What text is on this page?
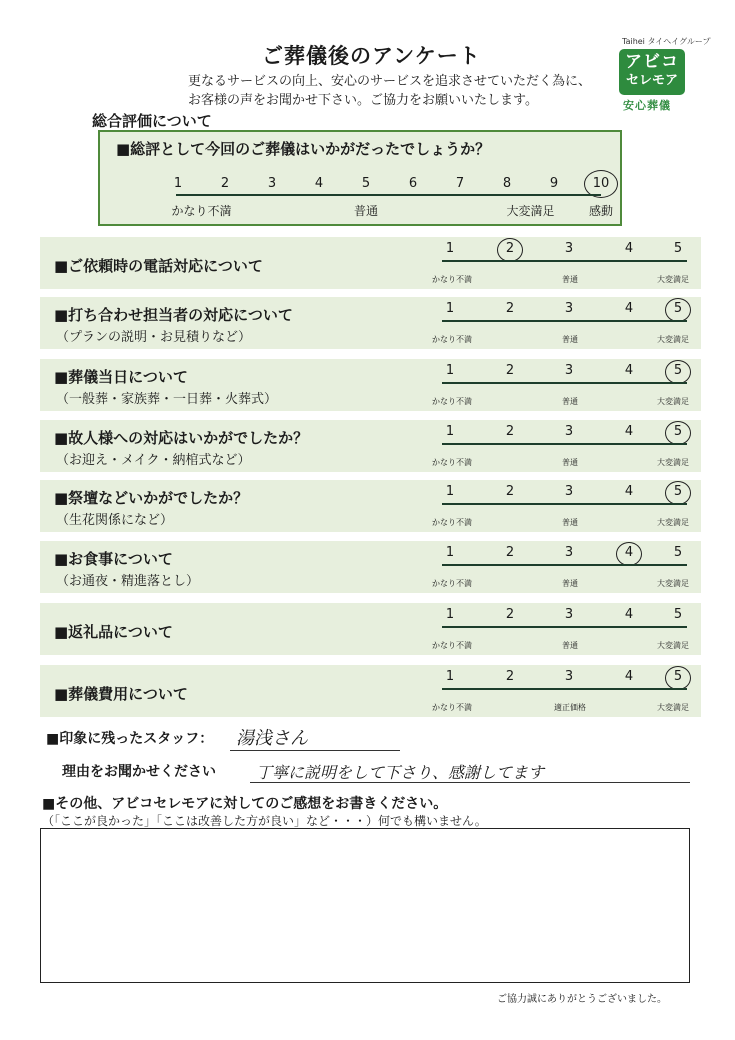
ご葬儀後のアンケート
更なるサービスの向上、安心のサービスを追求させていただく為に、
お客様の声をお聞かせ下さい。ご協力をお願いいたします。
Taihei タイヘイグループ
アビコ
セレモア
安心葬儀
総合評価について
■総評として今回のご葬儀はいかがだったでしょうか？
1	2	3	4	5	6	7	8	9	10
かなり不満	普通	大変満足	感動
■ご依頼時の電話対応について
1	2	3	4	5
かなり不満	普通	大変満足
■打ち合わせ担当者の対応について
（プランの説明・お見積りなど）
1	2	3	4	5
かなり不満	普通	大変満足
■葬儀当日について
（一般葬・家族葬・一日葬・火葬式）
1	2	3	4	5
かなり不満	普通	大変満足
■故人様への対応はいかがでしたか？
（お迎え・メイク・納棺式など）
1	2	3	4	5
かなり不満	普通	大変満足
■祭壇などいかがでしたか？
（生花関係になど）
1	2	3	4	5
かなり不満	普通	大変満足
■お食事について
（お通夜・精進落とし）
1	2	3	4	5
かなり不満	普通	大変満足
■返礼品について
1	2	3	4	5
かなり不満	普通	大変満足
■葬儀費用について
1	2	3	4	5
かなり不満	適正価格	大変満足
■印象に残ったスタッフ： 湯浅さん
理由をお聞かせください	丁寧に説明をして下さり、感謝してます
■その他、アビコセレモアに対してのご感想をお書きください。
（「ここが良かった」「ここは改善した方が良い」など・・・）何でも構いません。
ご協力誠にありがとうございました。
